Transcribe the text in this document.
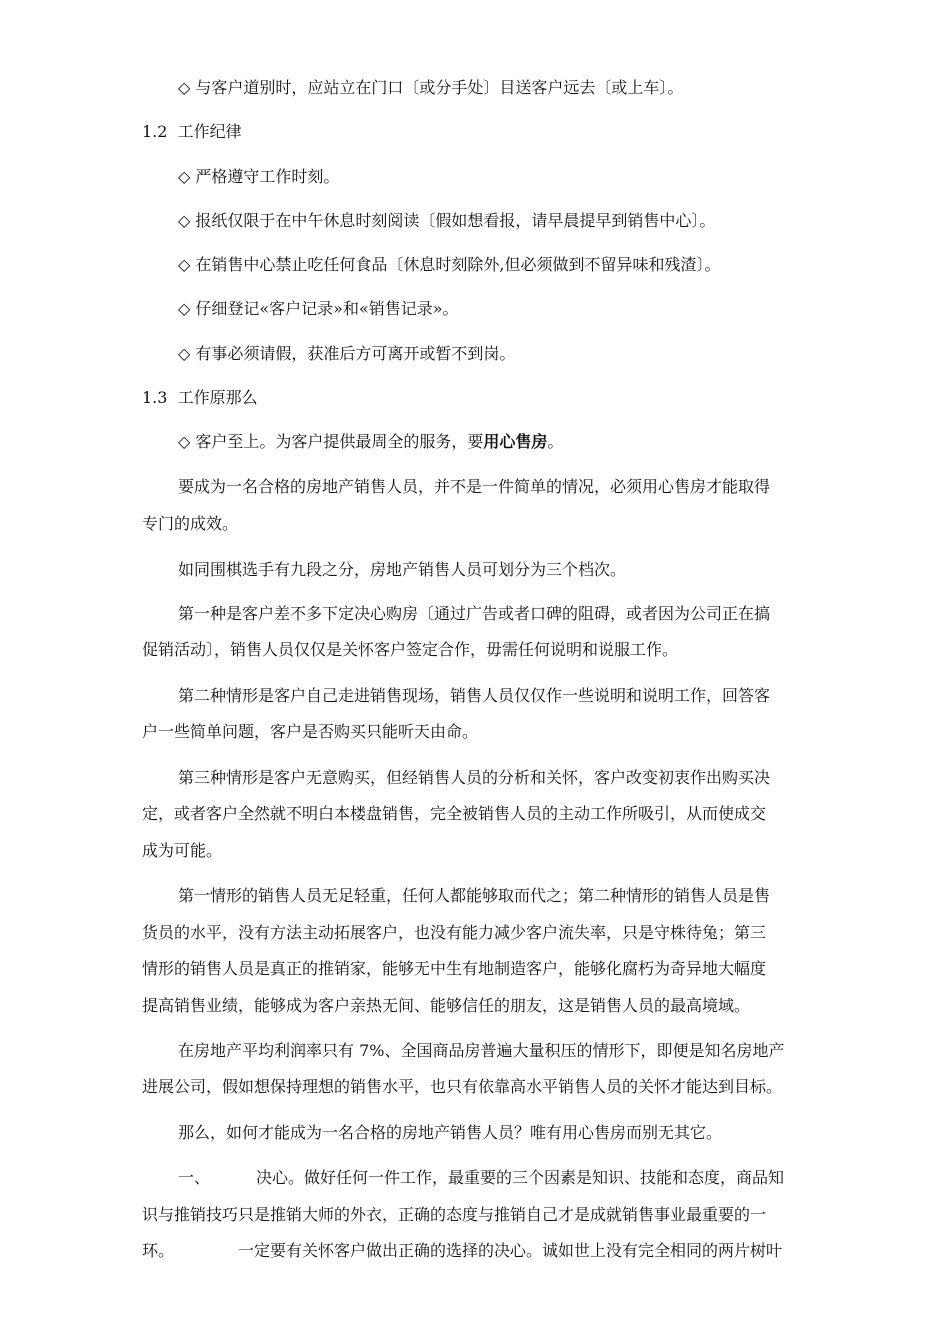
◇ 与客户道别时，应站立在门口〔或分手处〕目送客户远去〔或上车〕。
1.2 工作纪律
◇ 严格遵守工作时刻。
◇ 报纸仅限于在中午休息时刻阅读〔假如想看报，请早晨提早到销售中心〕。
◇ 在销售中心禁止吃任何食品〔休息时刻除外,但必须做到不留异味和残渣〕。
◇ 仔细登记«客户记录»和«销售记录»。
◇ 有事必须请假，获准后方可离开或暂不到岗。
1.3 工作原那么
◇ 客户至上。为客户提供最周全的服务，要用心售房。
要成为一名合格的房地产销售人员，并不是一件简单的情况，必须用心售房才能取得
专门的成效。
如同围棋选手有九段之分，房地产销售人员可划分为三个档次。
第一种是客户差不多下定决心购房〔通过广告或者口碑的阻碍，或者因为公司正在搞
促销活动〕，销售人员仅仅是关怀客户签定合作，毋需任何说明和说服工作。
第二种情形是客户自己走进销售现场，销售人员仅仅作一些说明和说明工作，回答客
户一些简单问题，客户是否购买只能听天由命。
第三种情形是客户无意购买，但经销售人员的分析和关怀，客户改变初衷作出购买决
定，或者客户全然就不明白本楼盘销售，完全被销售人员的主动工作所吸引，从而使成交
成为可能。
第一情形的销售人员无足轻重，任何人都能够取而代之；第二种情形的销售人员是售
货员的水平，没有方法主动拓展客户，也没有能力减少客户流失率，只是守株待兔；第三
情形的销售人员是真正的推销家，能够无中生有地制造客户，能够化腐朽为奇异地大幅度
提高销售业绩，能够成为客户亲热无间、能够信任的朋友，这是销售人员的最高境域。
在房地产平均利润率只有 7%、全国商品房普遍大量积压的情形下，即便是知名房地产
进展公司，假如想保持理想的销售水平，也只有依靠高水平销售人员的关怀才能达到目标。
那么，如何才能成为一名合格的房地产销售人员？唯有用心售房而别无其它。
一、	决心。做好任何一件工作，最重要的三个因素是知识、技能和态度，商品知
识与推销技巧只是推销大师的外衣，正确的态度与推销自己才是成就销售事业最重要的一
环。	一定要有关怀客户做出正确的选择的决心。诚如世上没有完全相同的两片树叶
